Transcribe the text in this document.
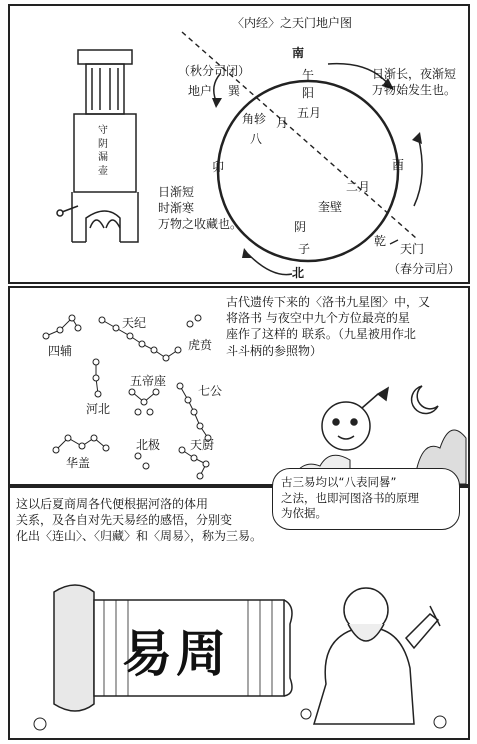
〈内经〉之天门地户图
南
午
阳
五月
角轸 月
八
卯	酉
二月
奎壁
阴
子
北
（秋分司闭）
地户 巽
日渐长，夜渐短
万物始发生也。
日渐短
时渐寒
万物之收藏也。
乾
天门
（春分司启）
守
阴
漏
壶
古代遗传下来的〈洛书九星图〉中，又
将洛书 与夜空中九个方位最亮的星
座作了这样的 联系。（九星被用作北
斗斗柄的参照物）
四辅
天纪
虎贲
五帝座
河北
七公
华盖
北极 天厨
古三易均以“八表同晷”
之法，也即河图洛书的原理
为依据。
这以后夏商周各代便根据河洛的体用
关系，及各自对先天易经的感悟，分别变
化出〈连山〉、〈归藏〉和〈周易〉，称为三易。
易周
